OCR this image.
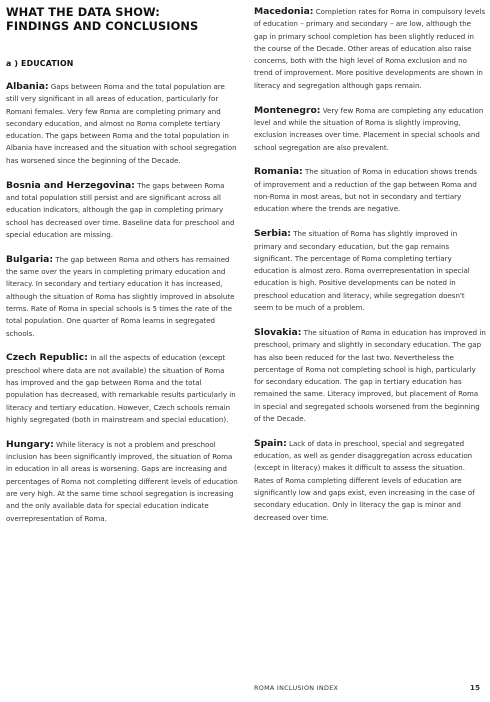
WHAT THE DATA SHOW:
FINDINGS AND CONCLUSIONS
a ) EDUCATION

Albania: Gaps between Roma and the total population are still very significant in all areas of education, particularly for Romani females. Very few Roma are completing primary and secondary education, and almost no Roma complete tertiary education. The gaps between Roma and the total population in Albania have increased and the situation with school segregation has worsened since the beginning of the Decade.

Bosnia and Herzegovina: The gaps between Roma and total population still persist and are significant across all education indicators, although the gap in completing primary school has decreased over time. Baseline data for preschool and special education are missing.

Bulgaria: The gap between Roma and others has remained the same over the years in completing primary education and literacy. In secondary and tertiary education it has increased, although the situation of Roma has slightly improved in absolute terms. Rate of Roma in special schools is 5 times the rate of the total population. One quarter of Roma learns in segregated schools.

Czech Republic: In all the aspects of education (except preschool where data are not available) the situation of Roma has improved and the gap between Roma and the total population has decreased, with remarkable results particularly in literacy and tertiary education. However, Czech schools remain highly segregated (both in mainstream and special education).

Hungary: While literacy is not a problem and preschool inclusion has been significantly improved, the situation of Roma in education in all areas is worsening. Gaps are increasing and percentages of Roma not completing different levels of education are very high. At the same time school segregation is increasing and the only available data for special education indicate overrepresentation of Roma.

Macedonia: Completion rates for Roma in compulsory levels of education – primary and secondary – are low, although the gap in primary school completion has been slightly reduced in the course of the Decade. Other areas of education also raise concerns, both with the high level of Roma exclusion and no trend of improvement. More positive developments are shown in literacy and segregation although gaps remain.

Montenegro: Very few Roma are completing any education level and while the situation of Roma is slightly improving, exclusion increases over time. Placement in special schools and school segregation are also prevalent.

Romania: The situation of Roma in education shows trends of improvement and a reduction of the gap between Roma and non-Roma in most areas, but not in secondary and tertiary education where the trends are negative.

Serbia: The situation of Roma has slightly improved in primary and secondary education, but the gap remains significant. The percentage of Roma completing tertiary education is almost zero. Roma overrepresentation in special education is high. Positive developments can be noted in preschool education and literacy, while segregation doesn't seem to be much of a problem.

Slovakia: The situation of Roma in education has improved in preschool, primary and slightly in secondary education. The gap has also been reduced for the last two. Nevertheless the percentage of Roma not completing school is high, particularly for secondary education. The gap in tertiary education has remained the same. Literacy improved, but placement of Roma in special and segregated schools worsened from the beginning of the Decade.

Spain: Lack of data in preschool, special and segregated education, as well as gender disaggregation across education (except in literacy) makes it difficult to assess the situation. Rates of Roma completing different levels of education are significantly low and gaps exist, even increasing in the case of secondary education. Only in literacy the gap is minor and decreased over time.

ROMA INCLUSION INDEX	15
